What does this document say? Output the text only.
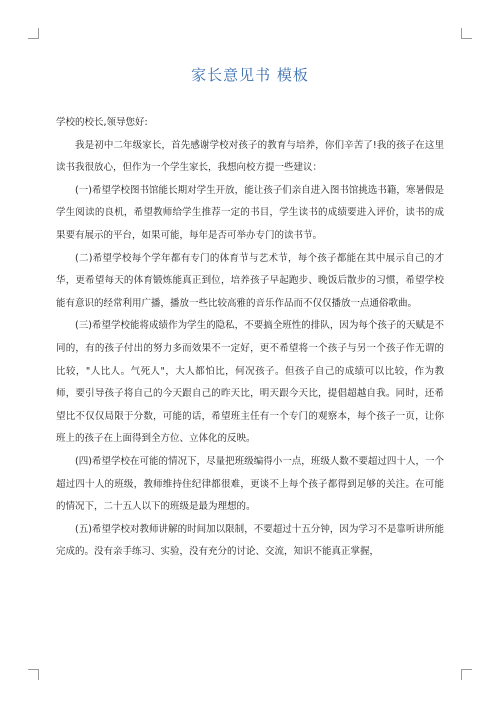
家长意见书 模板

学校的校长,领导您好:

我是初中二年级家长，首先感谢学校对孩子的教育与培养，你们辛苦了!我的孩子在这里读书我很放心，但作为一个学生家长，我想向校方提一些建议：

(一)希望学校图书馆能长期对学生开放，能让孩子们亲自进入图书馆挑选书籍，寒暑假是学生阅读的良机，希望教师给学生推荐一定的书目，学生读书的成绩要进入评价，读书的成果要有展示的平台，如果可能，每年是否可举办专门的读书节。

(二)希望学校每个学年都有专门的体育节与艺术节，每个孩子都能在其中展示自己的才华，更希望每天的体育锻炼能真正到位，培养孩子早起跑步、晚饭后散步的习惯，希望学校能有意识的经常利用广播，播放一些比较高雅的音乐作品而不仅仅播放一点通俗歌曲。

(三)希望学校能将成绩作为学生的隐私，不要搞全班性的排队，因为每个孩子的天赋是不同的，有的孩子付出的努力多而效果不一定好，更不希望将一个孩子与另一个孩子作无谓的比较，"人比人。气死人"，大人都怕比，何况孩子。但孩子自己的成绩可以比较，作为教师，要引导孩子将自己的今天跟自己的昨天比，明天跟今天比，提倡超越自我。同时，还希望比不仅仅局限于分数，可能的话，希望班主任有一个专门的观察本，每个孩子一页，让你班上的孩子在上面得到全方位、立体化的反映。

(四)希望学校在可能的情况下，尽量把班级编得小一点，班级人数不要超过四十人，一个超过四十人的班级，教师维持住纪律都很难，更谈不上每个孩子都得到足够的关注。在可能的情况下，二十五人以下的班级是最为理想的。

(五)希望学校对教师讲解的时间加以限制，不要超过十五分钟，因为学习不是靠听讲所能完成的。没有亲手练习、实验，没有充分的讨论、交流，知识不能真正掌握，
